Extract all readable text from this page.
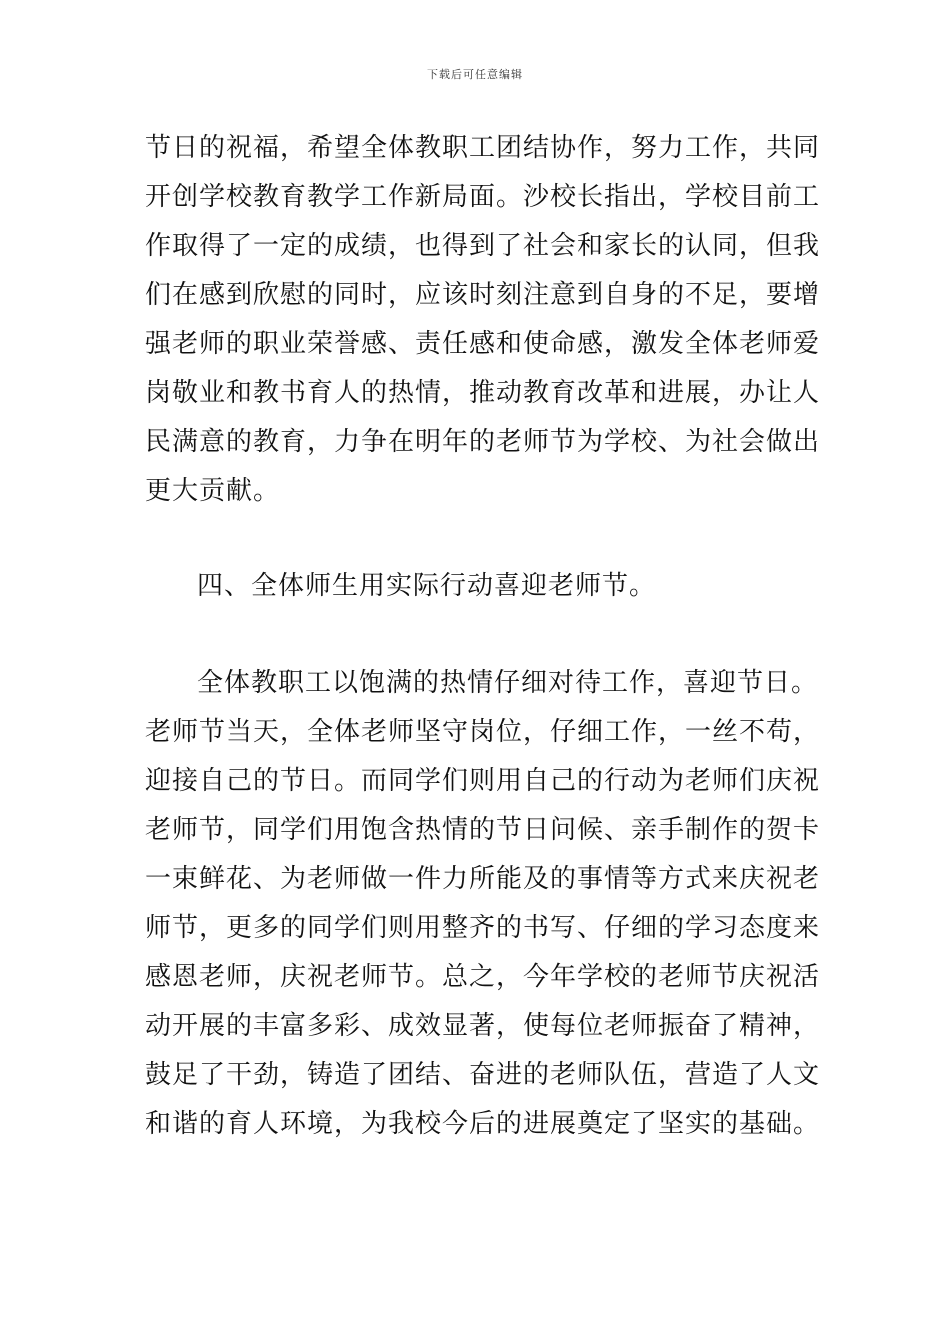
下载后可任意编辑
节日的祝福，希望全体教职工团结协作，努力工作，共同
开创学校教育教学工作新局面。沙校长指出，学校目前工
作取得了一定的成绩，也得到了社会和家长的认同，但我
们在感到欣慰的同时，应该时刻注意到自身的不足，要增
强老师的职业荣誉感、责任感和使命感，激发全体老师爱
岗敬业和教书育人的热情，推动教育改革和进展，办让人
民满意的教育，力争在明年的老师节为学校、为社会做出
更大贡献。
四、全体师生用实际行动喜迎老师节。
全体教职工以饱满的热情仔细对待工作，喜迎节日。
老师节当天，全体老师坚守岗位，仔细工作，一丝不苟，
迎接自己的节日。而同学们则用自己的行动为老师们庆祝
老师节，同学们用饱含热情的节日问候、亲手制作的贺卡
一束鲜花、为老师做一件力所能及的事情等方式来庆祝老
师节，更多的同学们则用整齐的书写、仔细的学习态度来
感恩老师，庆祝老师节。总之，今年学校的老师节庆祝活
动开展的丰富多彩、成效显著，使每位老师振奋了精神，
鼓足了干劲，铸造了团结、奋进的老师队伍，营造了人文
和谐的育人环境，为我校今后的进展奠定了坚实的基础。
